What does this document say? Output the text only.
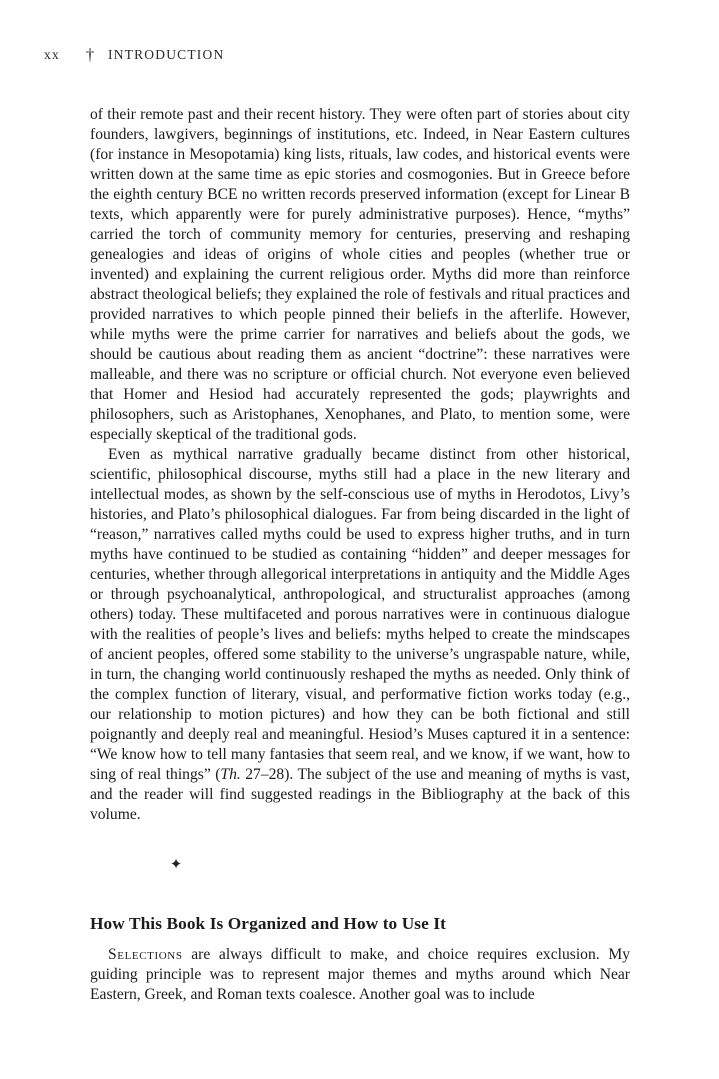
xx	†	INTRODUCTION

of their remote past and their recent history. They were often part of stories about city founders, lawgivers, beginnings of institutions, etc. Indeed, in Near Eastern cultures (for instance in Mesopotamia) king lists, rituals, law codes, and historical events were written down at the same time as epic stories and cosmogonies. But in Greece before the eighth century BCE no written records preserved information (except for Linear B texts, which apparently were for purely administrative purposes). Hence, “myths” carried the torch of community memory for centuries, preserving and reshaping genealogies and ideas of origins of whole cities and peoples (whether true or invented) and explaining the current religious order. Myths did more than reinforce abstract theological beliefs; they explained the role of festivals and ritual practices and provided narratives to which people pinned their beliefs in the afterlife. However, while myths were the prime carrier for narratives and beliefs about the gods, we should be cautious about reading them as ancient “doctrine”: these narratives were malleable, and there was no scripture or official church. Not everyone even believed that Homer and Hesiod had accurately represented the gods; playwrights and philosophers, such as Aristophanes, Xenophanes, and Plato, to mention some, were especially skeptical of the traditional gods.

Even as mythical narrative gradually became distinct from other historical, scientific, philosophical discourse, myths still had a place in the new literary and intellectual modes, as shown by the self-conscious use of myths in Herodotos, Livy’s histories, and Plato’s philosophical dialogues. Far from being discarded in the light of “reason,” narratives called myths could be used to express higher truths, and in turn myths have continued to be studied as containing “hidden” and deeper messages for centuries, whether through allegorical interpretations in antiquity and the Middle Ages or through psychoanalytical, anthropological, and structuralist approaches (among others) today. These multifaceted and porous narratives were in continuous dialogue with the realities of people’s lives and beliefs: myths helped to create the mindscapes of ancient peoples, offered some stability to the universe’s ungraspable nature, while, in turn, the changing world continuously reshaped the myths as needed. Only think of the complex function of literary, visual, and performative fiction works today (e.g., our relationship to motion pictures) and how they can be both fictional and still poignantly and deeply real and meaningful. Hesiod’s Muses captured it in a sentence: “We know how to tell many fantasies that seem real, and we know, if we want, how to sing of real things” (Th. 27–28). The subject of the use and meaning of myths is vast, and the reader will find suggested readings in the Bibliography at the back of this volume.

✦
How This Book Is Organized and How to Use It

Selections are always difficult to make, and choice requires exclusion. My guiding principle was to represent major themes and myths around which Near Eastern, Greek, and Roman texts coalesce. Another goal was to include
